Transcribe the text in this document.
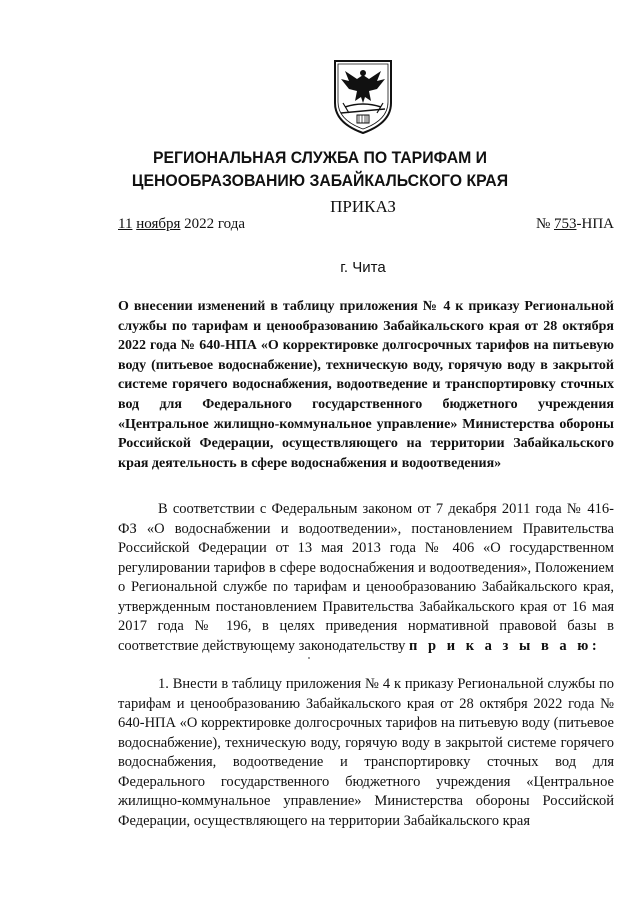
РЕГИОНАЛЬНАЯ СЛУЖБА ПО ТАРИФАМ И
ЦЕНООБРАЗОВАНИЮ ЗАБАЙКАЛЬСКОГО КРАЯ
ПРИКАЗ
11 ноября 2022 года	№ 753-НПА
г. Чита
О внесении изменений в таблицу приложения № 4 к приказу Региональной службы по тарифам и ценообразованию Забайкальского края от 28 октября 2022 года № 640-НПА «О корректировке долгосрочных тарифов на питьевую воду (питьевое водоснабжение), техническую воду, горячую воду в закрытой системе горячего водоснабжения, водоотведение и транспортировку сточных вод для Федерального государственного бюджетного учреждения «Центральное жилищно-коммунальное управление» Министерства обороны Российской Федерации, осуществляющего на территории Забайкальского края деятельность в сфере водоснабжения и водоотведения»
В соответствии с Федеральным законом от 7 декабря 2011 года № 416-ФЗ «О водоснабжении и водоотведении», постановлением Правительства Российской Федерации от 13 мая 2013 года № 406 «О государственном регулировании тарифов в сфере водоснабжения и водоотведения», Положением о Региональной службе по тарифам и ценообразованию Забайкальского края, утвержденным постановлением Правительства Забайкальского края от 16 мая 2017 года № 196, в целях приведения нормативной правовой базы в соответствие действующему законодательству п р и к а з ы в а ю:
1. Внести в таблицу приложения № 4 к приказу Региональной службы по тарифам и ценообразованию Забайкальского края от 28 октября 2022 года № 640-НПА «О корректировке долгосрочных тарифов на питьевую воду (питьевое водоснабжение), техническую воду, горячую воду в закрытой системе горячего водоснабжения, водоотведение и транспортировку сточных вод для Федерального государственного бюджетного учреждения «Центральное жилищно-коммунальное управление» Министерства обороны Российской Федерации, осуществляющего на территории Забайкальского края
